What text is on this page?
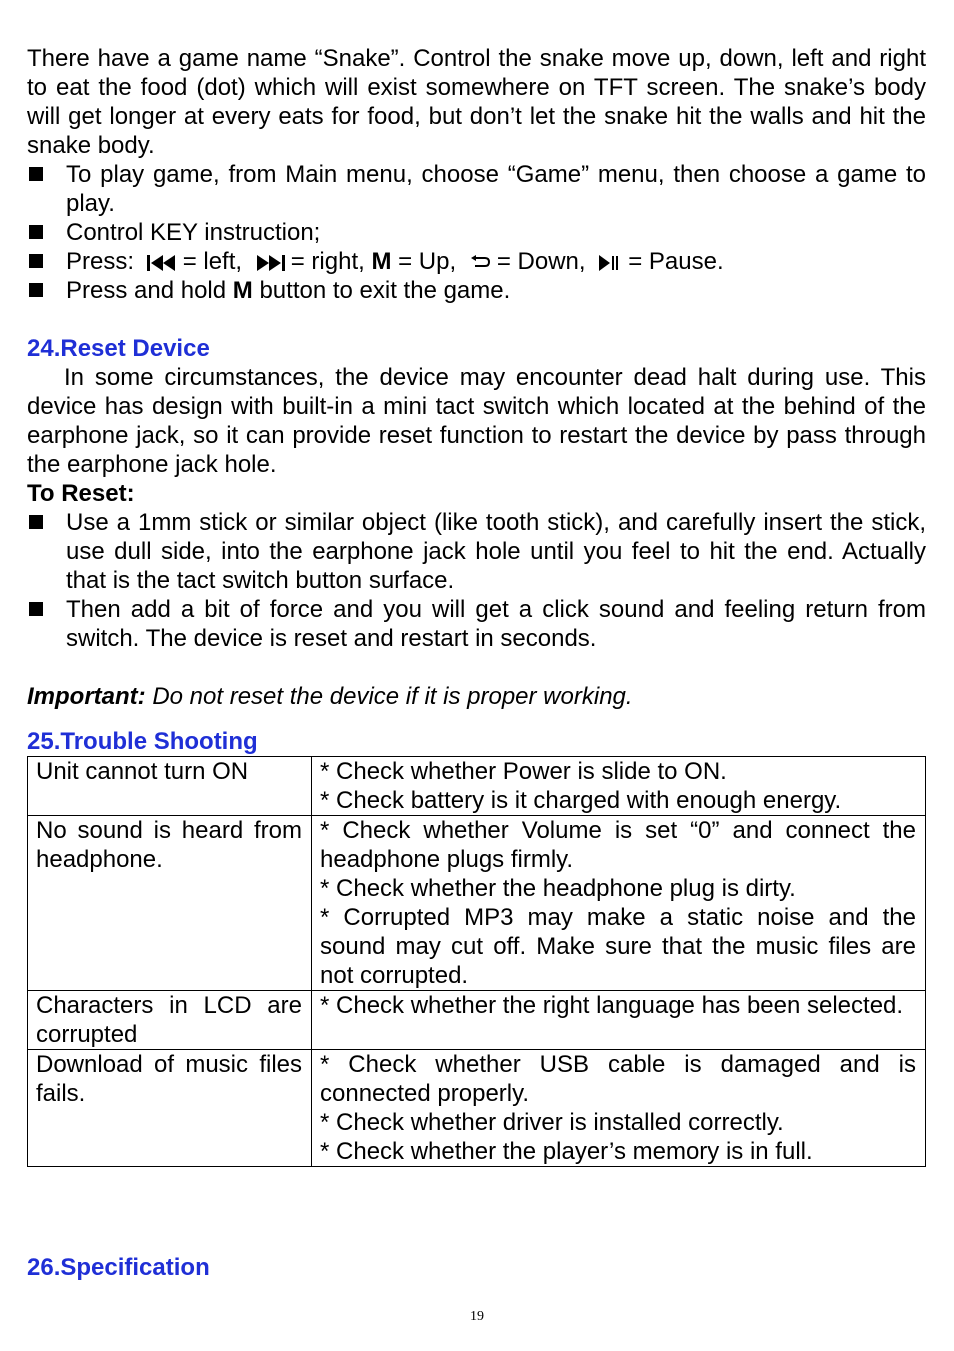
There have a game name “Snake”. Control the snake move up, down, left and right to eat the food (dot) which will exist somewhere on TFT screen. The snake’s body will get longer at every eats for food, but don’t let the snake hit the walls and hit the snake body.
To play game, from Main menu, choose “Game” menu, then choose a game to play.
Control KEY instruction;
Press: = left, = right, M = Up, = Down, = Pause.
Press and hold M button to exit the game.
24.Reset Device
In some circumstances, the device may encounter dead halt during use. This device has design with built-in a mini tact switch which located at the behind of the earphone jack, so it can provide reset function to restart the device by pass through the earphone jack hole.
To Reset:
Use a 1mm stick or similar object (like tooth stick), and carefully insert the stick, use dull side, into the earphone jack hole until you feel to hit the end. Actually that is the tact switch button surface.
Then add a bit of force and you will get a click sound and feeling return from switch. The device is reset and restart in seconds.
Important: Do not reset the device if it is proper working.
25.Trouble Shooting
Unit cannot turn ON	* Check whether Power is slide to ON.
* Check battery is it charged with enough energy.

No sound is heard from headphone.	* Check whether Volume is set “0” and connect the headphone plugs firmly.
* Check whether the headphone plug is dirty.
* Corrupted MP3 may make a static noise and the sound may cut off. Make sure that the music files are not corrupted.

Characters in LCD are corrupted	* Check whether the right language has been selected.

Download of music files fails.	* Check whether USB cable is damaged and is connected properly.
* Check whether driver is installed correctly.
* Check whether the player’s memory is in full.
26.Specification
19
